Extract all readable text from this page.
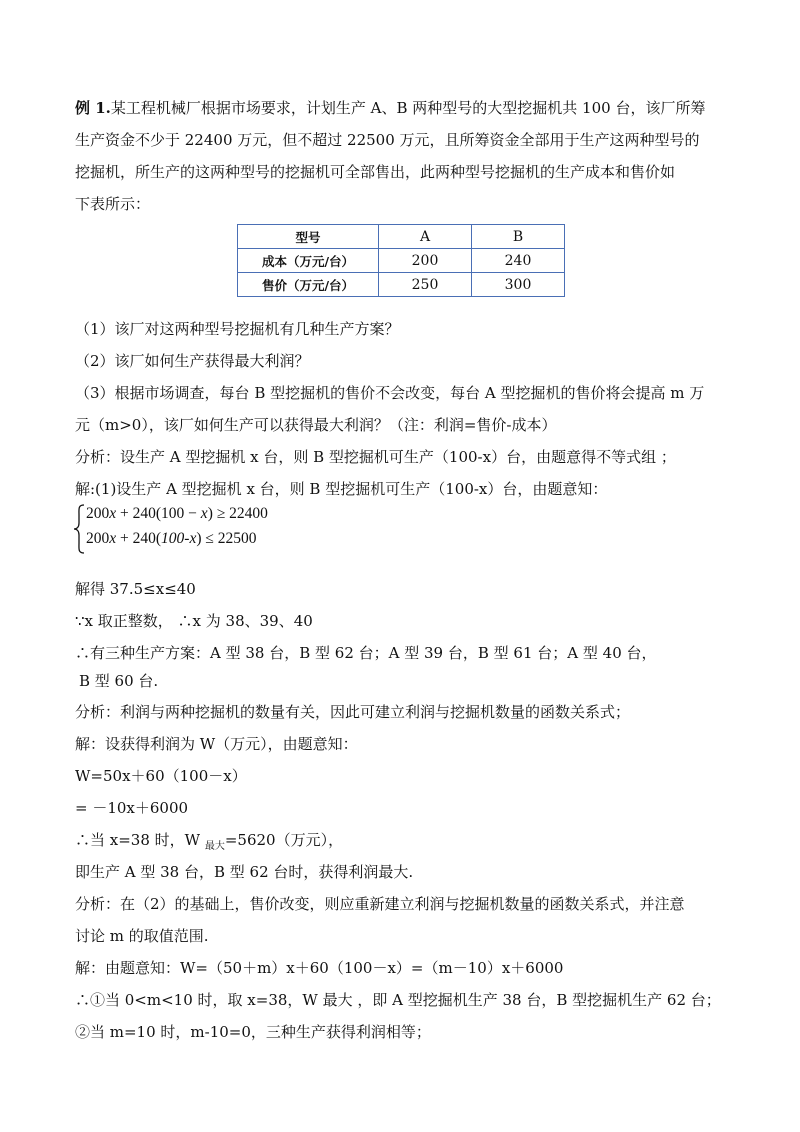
例 1.某工程机械厂根据市场要求，计划生产 A、B 两种型号的大型挖掘机共 100 台，该厂所筹
生产资金不少于 22400 万元，但不超过 22500 万元，且所筹资金全部用于生产这两种型号的
挖掘机，所生产的这两种型号的挖掘机可全部售出，此两种型号挖掘机的生产成本和售价如
下表所示：
型号	A	B
成本（万元/台）	200	240
售价（万元/台）	250	300
（1）该厂对这两种型号挖掘机有几种生产方案？
（2）该厂如何生产获得最大利润？
（3）根据市场调查，每台 B 型挖掘机的售价不会改变，每台 A 型挖掘机的售价将会提高 m 万
元（m>0），该厂如何生产可以获得最大利润？（注：利润=售价-成本）
分析：设生产 A 型挖掘机 x 台，则 B 型挖掘机可生产（100-x）台，由题意得不等式组 ；
解:(1)设生产 A 型挖掘机 x 台，则 B 型挖掘机可生产（100-x）台，由题意知：
200x + 240(100 − x) ≥ 22400
200x + 240(100-x) ≤ 22500
解得 37.5≤x≤40
∵x 取正整数， ∴x 为 38、39、40
∴有三种生产方案：A 型 38 台，B 型 62 台；A 型 39 台，B 型 61 台；A 型 40 台，
B 型 60 台.
分析：利润与两种挖掘机的数量有关，因此可建立利润与挖掘机数量的函数关系式；
解：设获得利润为 W（万元），由题意知：
W=50x＋60（100－x）
= －10x＋6000
∴当 x=38 时，W $_{最大}$=5620（万元），
即生产 A 型 38 台，B 型 62 台时，获得利润最大.
分析：在（2）的基础上，售价改变，则应重新建立利润与挖掘机数量的函数关系式，并注意
讨论 m 的取值范围.
解：由题意知：W=（50＋m）x＋60（100－x）=（m－10）x＋6000
∴①当 0<m<10 时，取 x=38，W 最大 ，即 A 型挖掘机生产 38 台，B 型挖掘机生产 62 台；
②当 m=10 时，m-10=0，三种生产获得利润相等；
